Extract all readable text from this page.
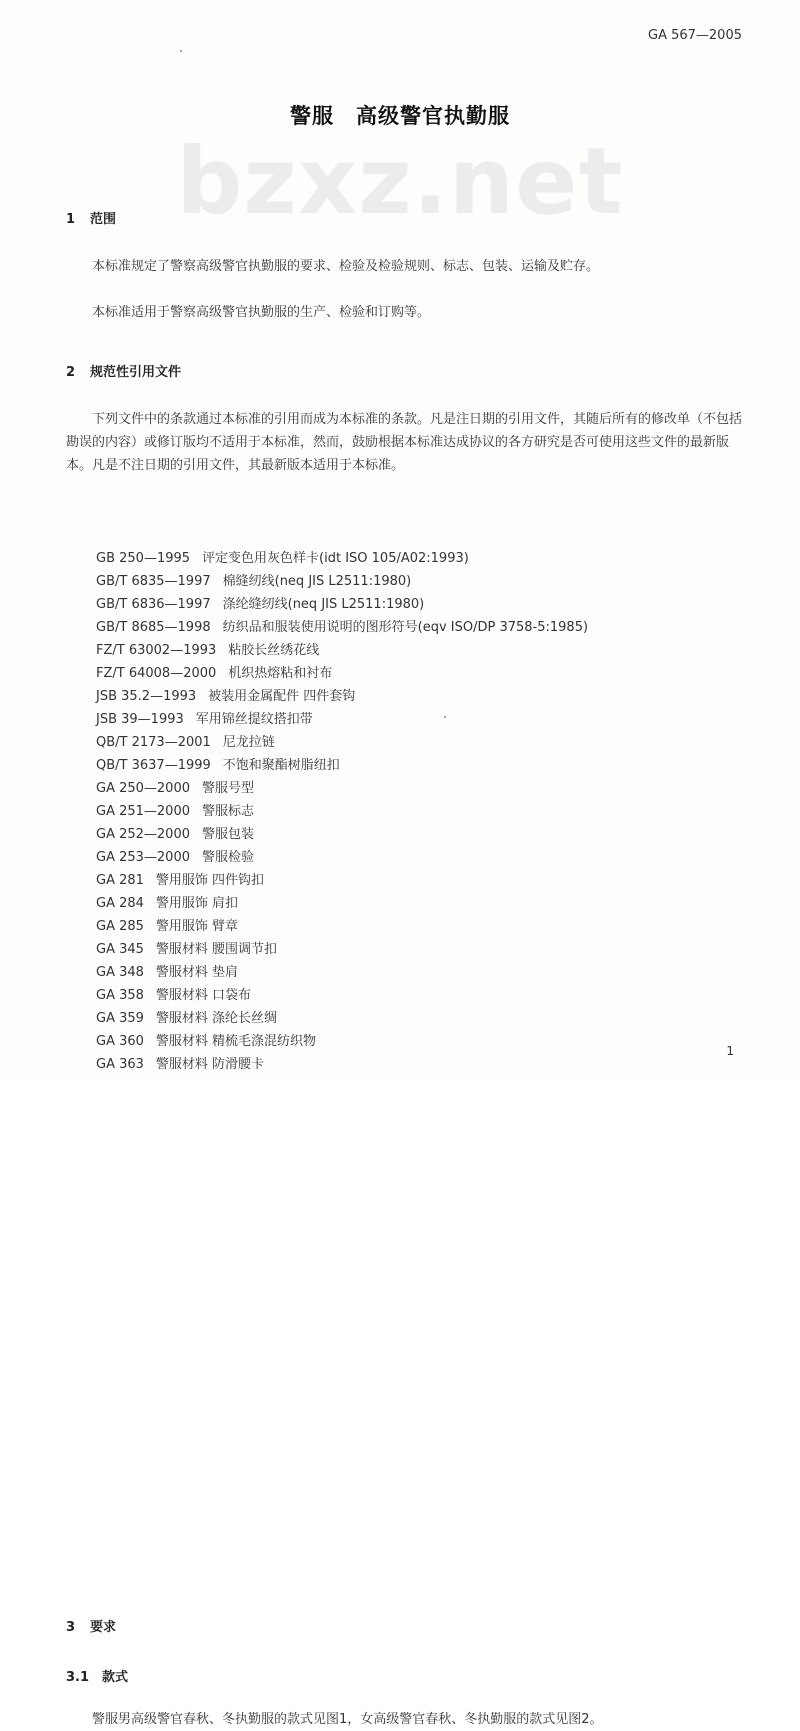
GA 567—2005
bzxz.net
警服 高级警官执勤服
1 范围
本标准规定了警察高级警官执勤服的要求、检验及检验规则、标志、包装、运输及贮存。
本标准适用于警察高级警官执勤服的生产、检验和订购等。
2 规范性引用文件
下列文件中的条款通过本标准的引用而成为本标准的条款。凡是注日期的引用文件，其随后所有的修改单（不包括勘误的内容）或修订版均不适用于本标准，然而，鼓励根据本标准达成协议的各方研究是否可使用这些文件的最新版本。凡是不注日期的引用文件，其最新版本适用于本标准。
GB 250—1995 评定变色用灰色样卡(idt ISO 105/A02:1993)
GB/T 6835—1997 棉缝纫线(neq JIS L2511:1980)
GB/T 6836—1997 涤纶缝纫线(neq JIS L2511:1980)
GB/T 8685—1998 纺织品和服装使用说明的图形符号(eqv ISO/DP 3758-5:1985)
FZ/T 63002—1993 粘胶长丝绣花线
FZ/T 64008—2000 机织热熔粘和衬布
JSB 35.2—1993 被装用金属配件 四件套钩
JSB 39—1993 军用锦丝提纹搭扣带
QB/T 2173—2001 尼龙拉链
QB/T 3637—1999 不饱和聚酯树脂纽扣
GA 250—2000 警服号型
GA 251—2000 警服标志
GA 252—2000 警服包装
GA 253—2000 警服检验
GA 281 警用服饰 四件钩扣
GA 284 警用服饰 肩扣
GA 285 警用服饰 臂章
GA 345 警服材料 腰围调节扣
GA 348 警服材料 垫肩
GA 358 警服材料 口袋布
GA 359 警服材料 涤纶长丝绸
GA 360 警服材料 精梳毛涤混纺织物
GA 363 警服材料 防滑腰卡
3 要求
3.1 款式
警服男高级警官春秋、冬执勤服的款式见图1，女高级警官春秋、冬执勤服的款式见图2。
1
